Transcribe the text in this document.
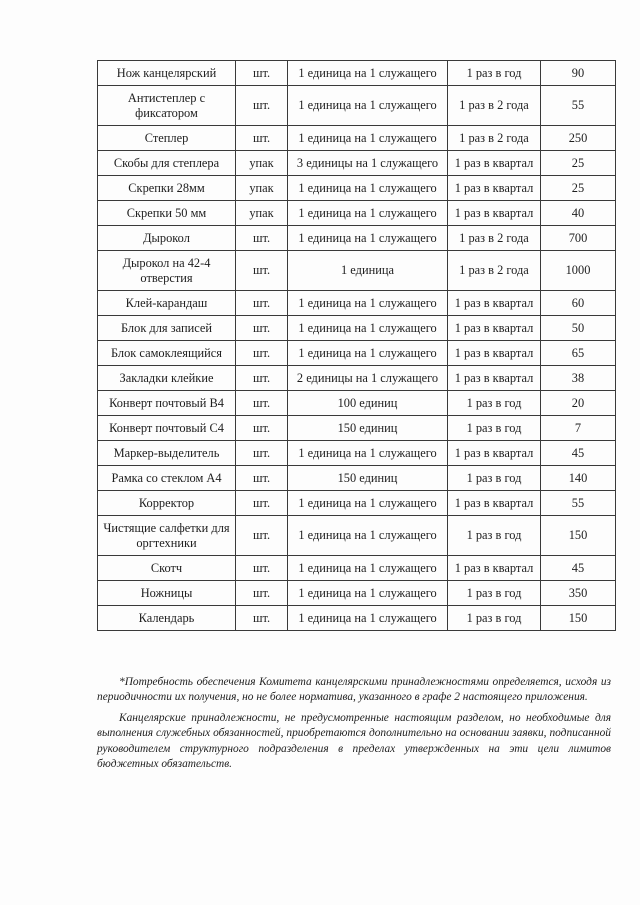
Нож канцелярский	шт.	1 единица на 1 служащего	1 раз в год	90
Антистеплер с фиксатором	шт.	1 единица на 1 служащего	1 раз в 2 года	55
Степлер	шт.	1 единица на 1 служащего	1 раз в 2 года	250
Скобы для степлера	упак	3 единицы на 1 служащего	1 раз в квартал	25
Скрепки 28мм	упак	1 единица на 1 служащего	1 раз в квартал	25
Скрепки 50 мм	упак	1 единица на 1 служащего	1 раз в квартал	40
Дырокол	шт.	1 единица на 1 служащего	1 раз в 2 года	700
Дырокол на 42-4 отверстия	шт.	1 единица	1 раз в 2 года	1000
Клей-карандаш	шт.	1 единица на 1 служащего	1 раз в квартал	60
Блок для записей	шт.	1 единица на 1 служащего	1 раз в квартал	50
Блок самоклеящийся	шт.	1 единица на 1 служащего	1 раз в квартал	65
Закладки клейкие	шт.	2 единицы на 1 служащего	1 раз в квартал	38
Конверт почтовый В4	шт.	100 единиц	1 раз в год	20
Конверт почтовый С4	шт.	150 единиц	1 раз в год	7
Маркер-выделитель	шт.	1 единица на 1 служащего	1 раз в квартал	45
Рамка со стеклом А4	шт.	150 единиц	1 раз в год	140
Корректор	шт.	1 единица на 1 служащего	1 раз в квартал	55
Чистящие салфетки для оргтехники	шт.	1 единица на 1 служащего	1 раз в год	150
Скотч	шт.	1 единица на 1 служащего	1 раз в квартал	45
Ножницы	шт.	1 единица на 1 служащего	1 раз в год	350
Календарь	шт.	1 единица на 1 служащего	1 раз в год	150

*Потребность обеспечения Комитета канцелярскими принадлежностями определяется, исходя из периодичности их получения, но не более норматива, указанного в графе 2 настоящего приложения.

Канцелярские принадлежности, не предусмотренные настоящим разделом, но необходимые для выполнения служебных обязанностей, приобретаются дополнительно на основании заявки, подписанной руководителем структурного подразделения в пределах утвержденных на эти цели лимитов бюджетных обязательств.
